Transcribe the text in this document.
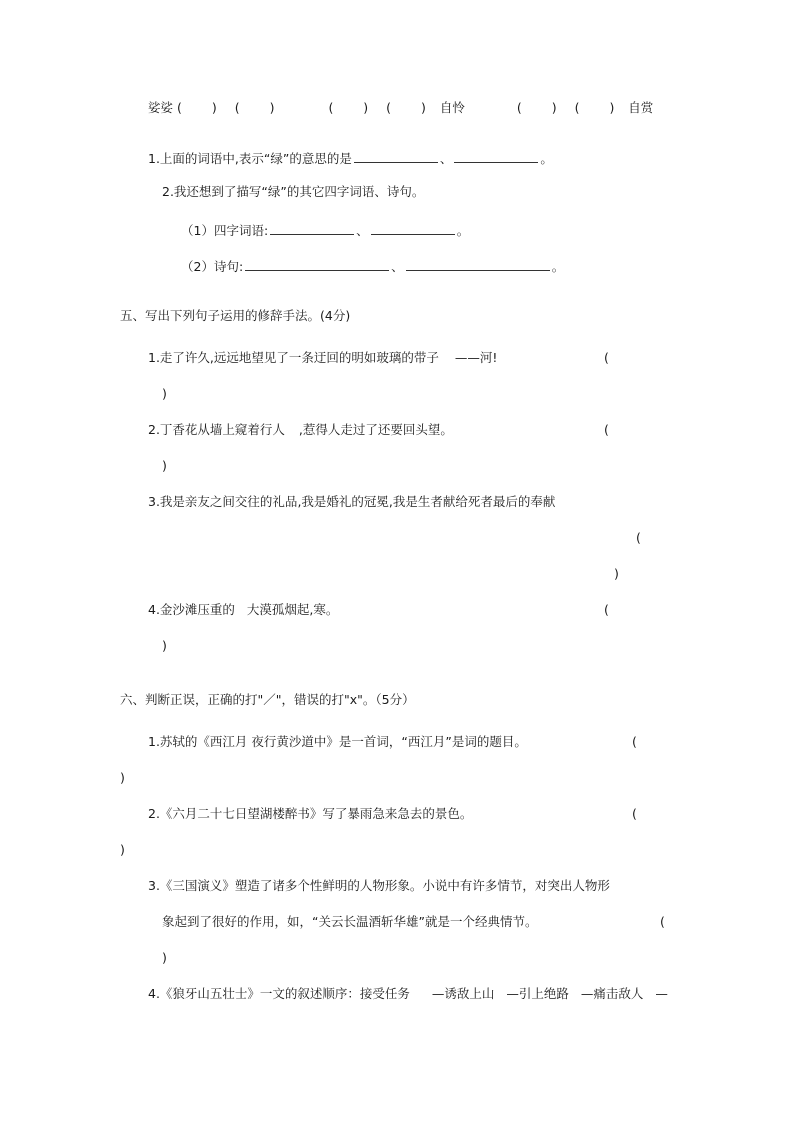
娑娑 ( ) ( )	( ) ( ) 自怜	( ) ( ) 自赏
1.上面的词语中,表示“绿”的意思的是	、	。
2.我还想到了描写“绿”的其它四字词语、诗句。
（1）四字词语:	、	。
（2）诗句:	、	。
五、写出下列句子运用的修辞手法。(4分)
1.走了许久,远远地望见了一条迂回的明如玻璃的带子 ——河!	(
)
2.丁香花从墙上窥着行人 ,惹得人走过了还要回头望。	(
)
3.我是亲友之间交往的礼品,我是婚礼的冠冕,我是生者献给死者最后的奉献
(
)
4.金沙滩压重的 大漠孤烟起,寒。	(
)
六、判断正误，正确的打"／"，错误的打"x"。（5分）
1.苏轼的《西江月 夜行黄沙道中》是一首词，“西江月”是词的题目。	(
)
2.《六月二十七日望湖楼醉书》写了暴雨急来急去的景色。	(
)
3.《三国演义》塑造了诸多个性鲜明的人物形象。小说中有许多情节，对突出人物形
象起到了很好的作用，如，“关云长温酒斩华雄”就是一个经典情节。	(
)
4.《狼牙山五壮士》一文的叙述顺序：接受任务 —诱敌上山 —引上绝路 —痛击敌人 —
